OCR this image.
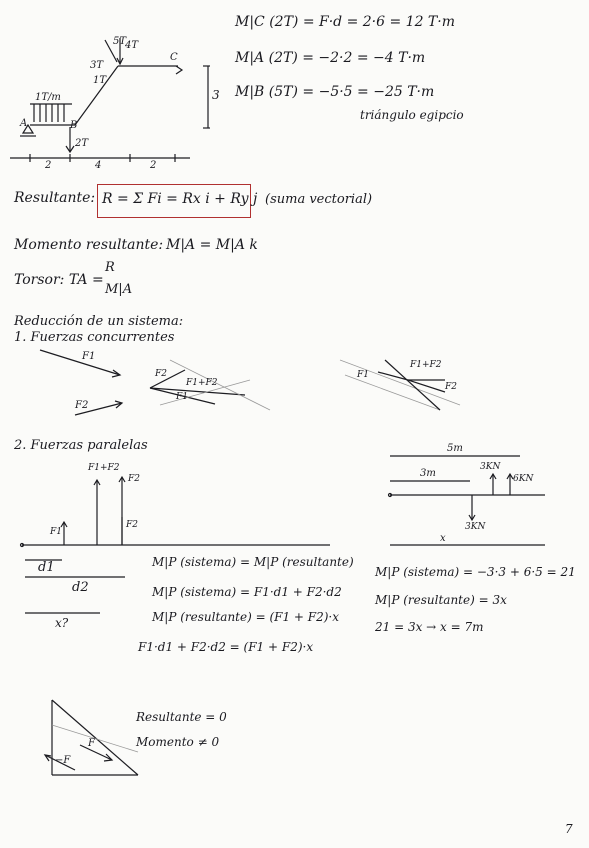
5T
4T
3T
1T
1T/m
A	B
C
2T
3
2	4	2
M|C (2T) = F·d = 2·6 = 12 T·m
M|A (2T) = −2·2 = −4 T·m
M|B (5T) = −5·5 = −25 T·m
triángulo egipcio
Resultante: R = Σ Fi = Rx i + Ry j (suma vectorial)
Momento resultante: M|A = M|A k
Torsor: TA =
R
M|A
Reducción de un sistema:
1. Fuerzas concurrentes
F1
F2
F2
F1+F2
F1
F1+F2
F1
F2
2. Fuerzas paralelas
F1+F2
F2
F2
F1
d1
d2
x?
M|P (sistema) = M|P (resultante)
M|P (sistema) = F1·d1 + F2·d2
M|P (resultante) = (F1 + F2)·x
F1·d1 + F2·d2 = (F1 + F2)·x
5m
3m
3KN
6KN
3KN
x
M|P (sistema) = −3·3 + 6·5 = 21
M|P (resultante) = 3x
21 = 3x → x = 7m
F
−F
Resultante = 0
Momento ≠ 0
7
